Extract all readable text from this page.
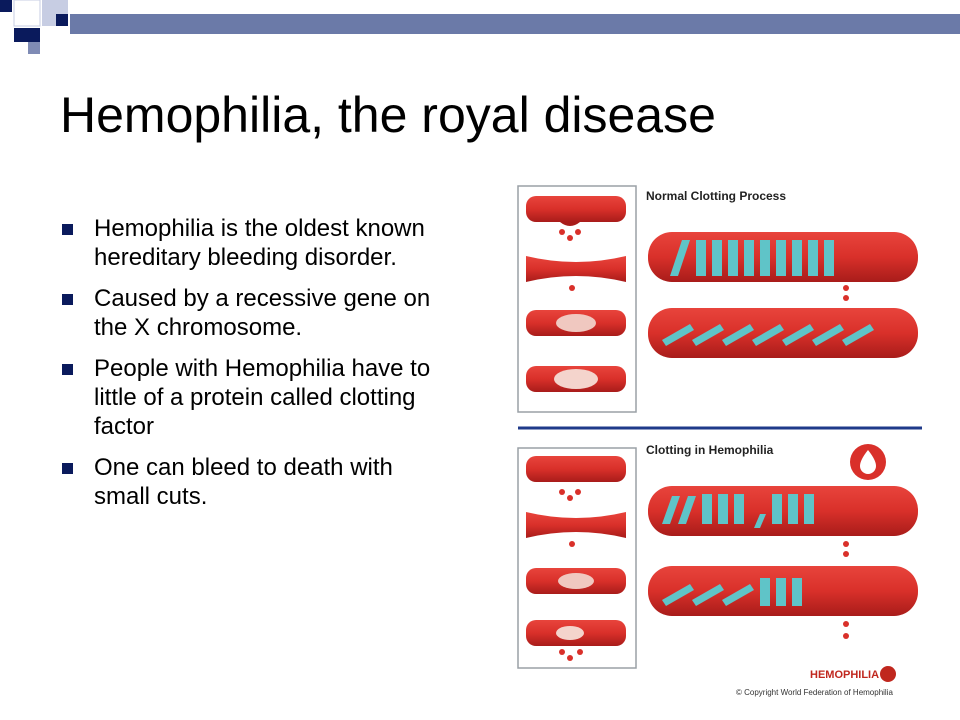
Hemophilia, the royal disease
Hemophilia is the oldest known hereditary bleeding disorder.
Caused by a recessive gene on the X chromosome.
People with Hemophilia have to little of a protein called clotting factor
One can bleed to death with small cuts.
Normal Clotting Process
Clotting in Hemophilia
HEMOPHILIA
© Copyright World Federation of Hemophilia
